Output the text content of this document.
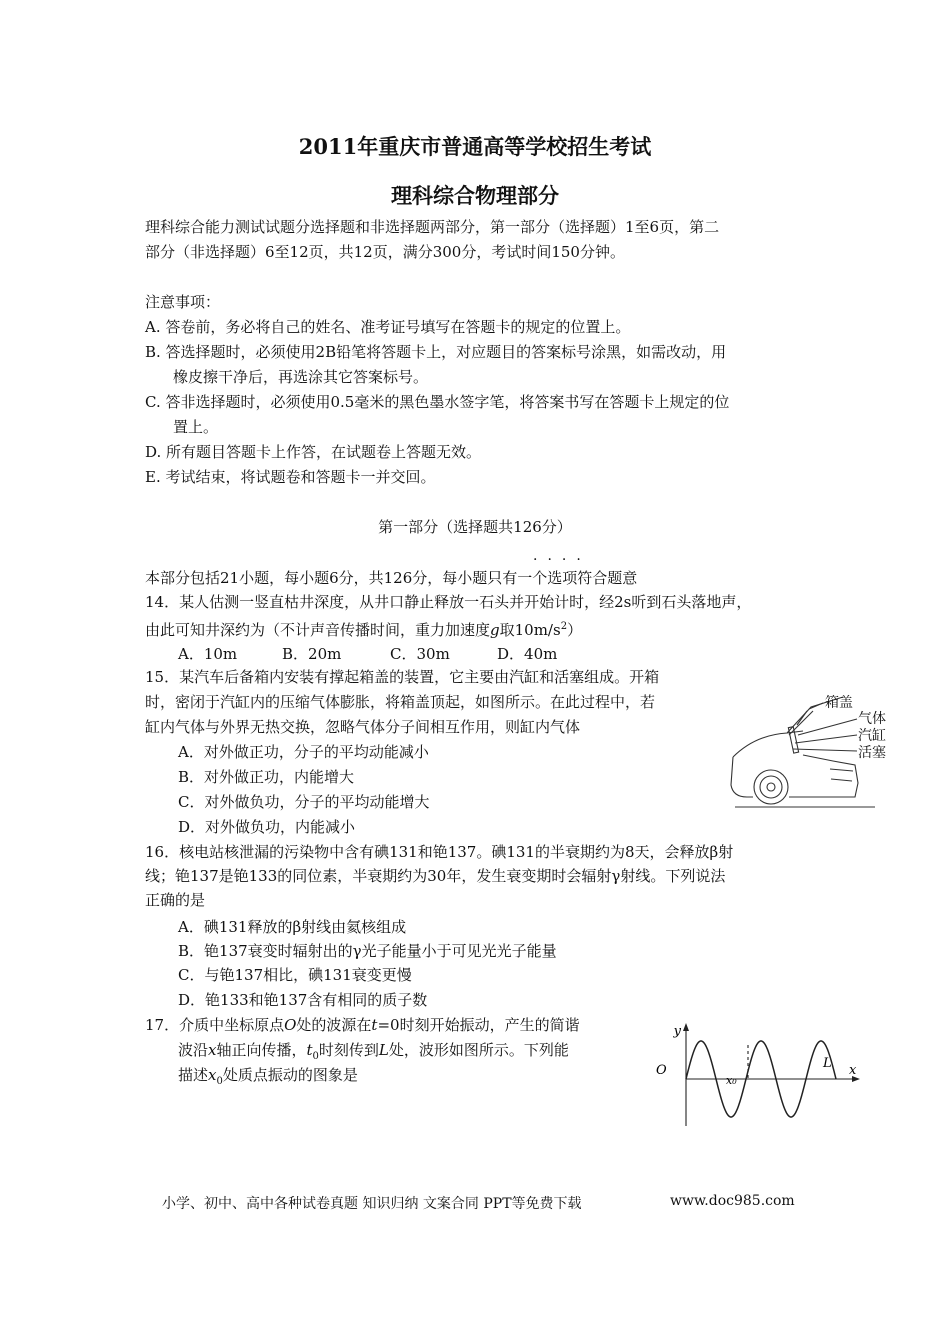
2011年重庆市普通高等学校招生考试
理科综合物理部分
理科综合能力测试试题分选择题和非选择题两部分，第一部分（选择题）1至6页，第二
部分（非选择题）6至12页，共12页，满分300分，考试时间150分钟。
注意事项：
A. 答卷前，务必将自己的姓名、准考证号填写在答题卡的规定的位置上。
B. 答选择题时，必须使用2B铅笔将答题卡上，对应题目的答案标号涂黑，如需改动，用
橡皮擦干净后，再选涂其它答案标号。
C. 答非选择题时，必须使用0.5毫米的黑色墨水签字笔，将答案书写在答题卡上规定的位
置上。
D. 所有题目答题卡上作答，在试题卷上答题无效。
E. 考试结束，将试题卷和答题卡一并交回。
第一部分（选择题共126分）
····
本部分包括21小题，每小题6分，共126分，每小题只有一个选项符合题意
14．某人估测一竖直枯井深度，从井口静止释放一石头并开始计时，经2s听到石头落地声，
由此可知井深约为（不计声音传播时间，重力加速度g取$10m/s^2$）
A．10m	B．20m	C．30m	D．40m
15．某汽车后备箱内安装有撑起箱盖的装置，它主要由汽缸和活塞组成。开箱
时，密闭于汽缸内的压缩气体膨胀，将箱盖顶起，如图所示。在此过程中，若
缸内气体与外界无热交换，忽略气体分子间相互作用，则缸内气体
A．对外做正功，分子的平均动能减小
B．对外做正功，内能增大
C．对外做负功，分子的平均动能增大
D．对外做负功，内能减小
箱盖
气体
汽缸
活塞
16．核电站核泄漏的污染物中含有碘131和铯137。碘131的半衰期约为8天，会释放β射
线；铯137是铯133的同位素，半衰期约为30年，发生衰变期时会辐射γ射线。下列说法
正确的是
A．碘131释放的β射线由氦核组成
B．铯137衰变时辐射出的γ光子能量小于可见光光子能量
C．与铯137相比，碘131衰变更慢
D．铯133和铯137含有相同的质子数
17．介质中坐标原点O处的波源在t=0时刻开始振动，产生的简谐
波沿x轴正向传播，$t_0$时刻传到L处，波形如图所示。下列能
描述$x_0$处质点振动的图象是
y
x
O	L
x₀
小学、初中、高中各种试卷真题 知识归纳 文案合同 PPT等免费下载	www.doc985.com
